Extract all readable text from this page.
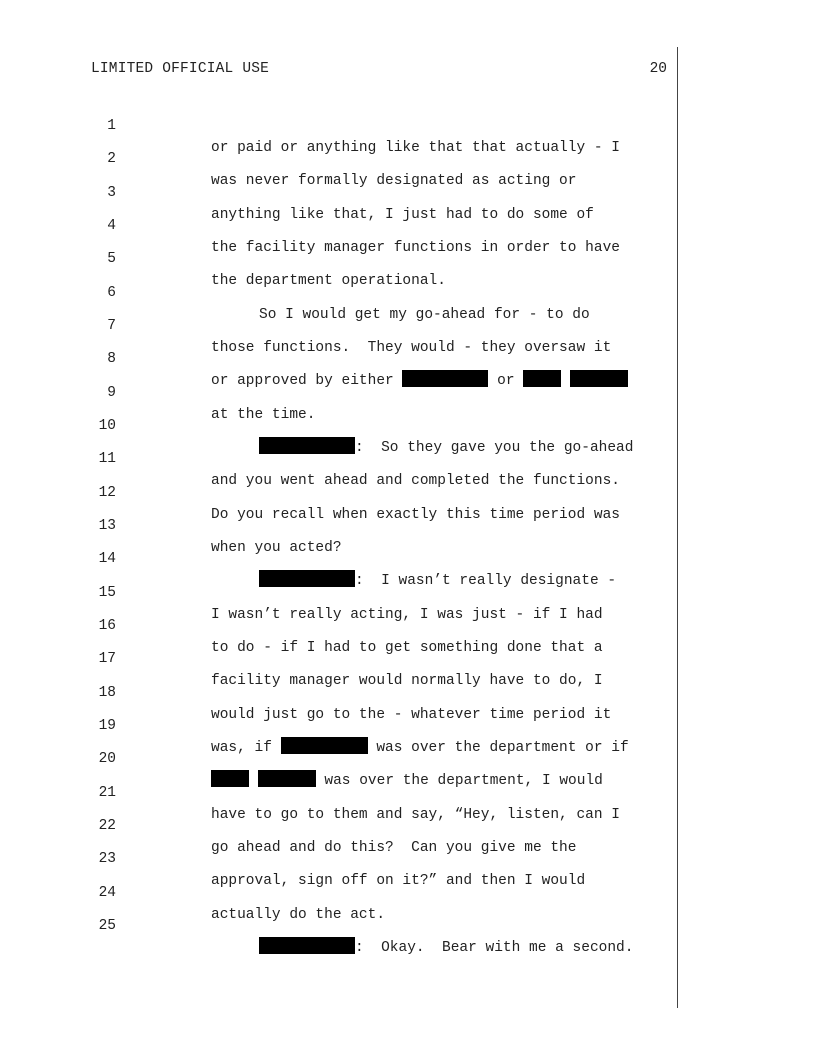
LIMITED OFFICIAL USE	20

1

or paid or anything like that that actually - I

2

was never formally designated as acting or

3

anything like that, I just had to do some of

4

the facility manager functions in order to have

5

the department operational.

6

So I would get my go-ahead for - to do

7

those functions.  They would - they oversaw it

8

or approved by either	or

9

at the time.

10

:  So they gave you the go-ahead

11

and you went ahead and completed the functions.

12

Do you recall when exactly this time period was

13

when you acted?

14

:  I wasn’t really designate -

15

I wasn’t really acting, I was just - if I had

16

to do - if I had to get something done that a

17

facility manager would normally have to do, I

18

would just go to the - whatever time period it

19

was, if	was over the department or if

20

was over the department, I would

21

have to go to them and say, “Hey, listen, can I

22

go ahead and do this?  Can you give me the

23

approval, sign off on it?” and then I would

24

actually do the act.

25

:  Okay.  Bear with me a second.
